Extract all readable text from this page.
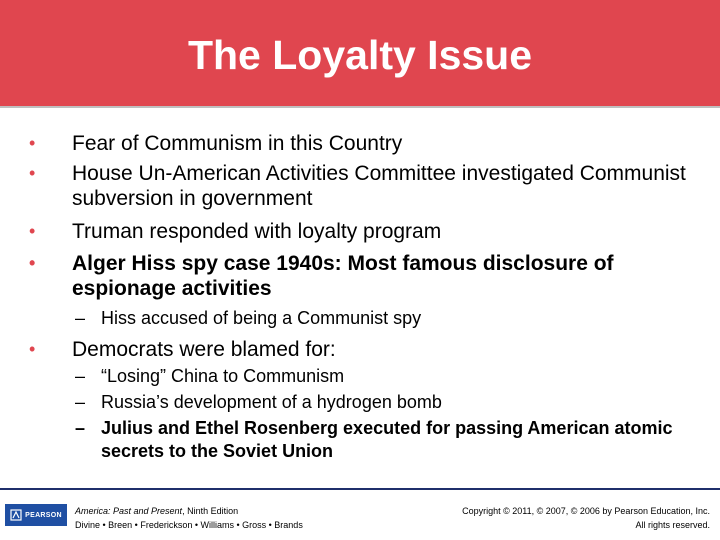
The Loyalty Issue
•	Fear of Communism in this Country
•	House Un-American Activities Committee investigated Communist subversion in government
•	Truman responded with loyalty program
•	Alger Hiss spy case 1940s: Most famous disclosure of espionage activities
– Hiss accused of being a Communist spy
•	Democrats were blamed for:
– “Losing” China to Communism
– Russia’s development of a hydrogen bomb
– Julius and Ethel Rosenberg executed for passing American atomic secrets to the Soviet Union
PEARSON America: Past and Present, Ninth Edition
Divine • Breen • Frederickson • Williams • Gross • Brands
Copyright © 2011, © 2007, © 2006 by Pearson Education, Inc.
All rights reserved.
